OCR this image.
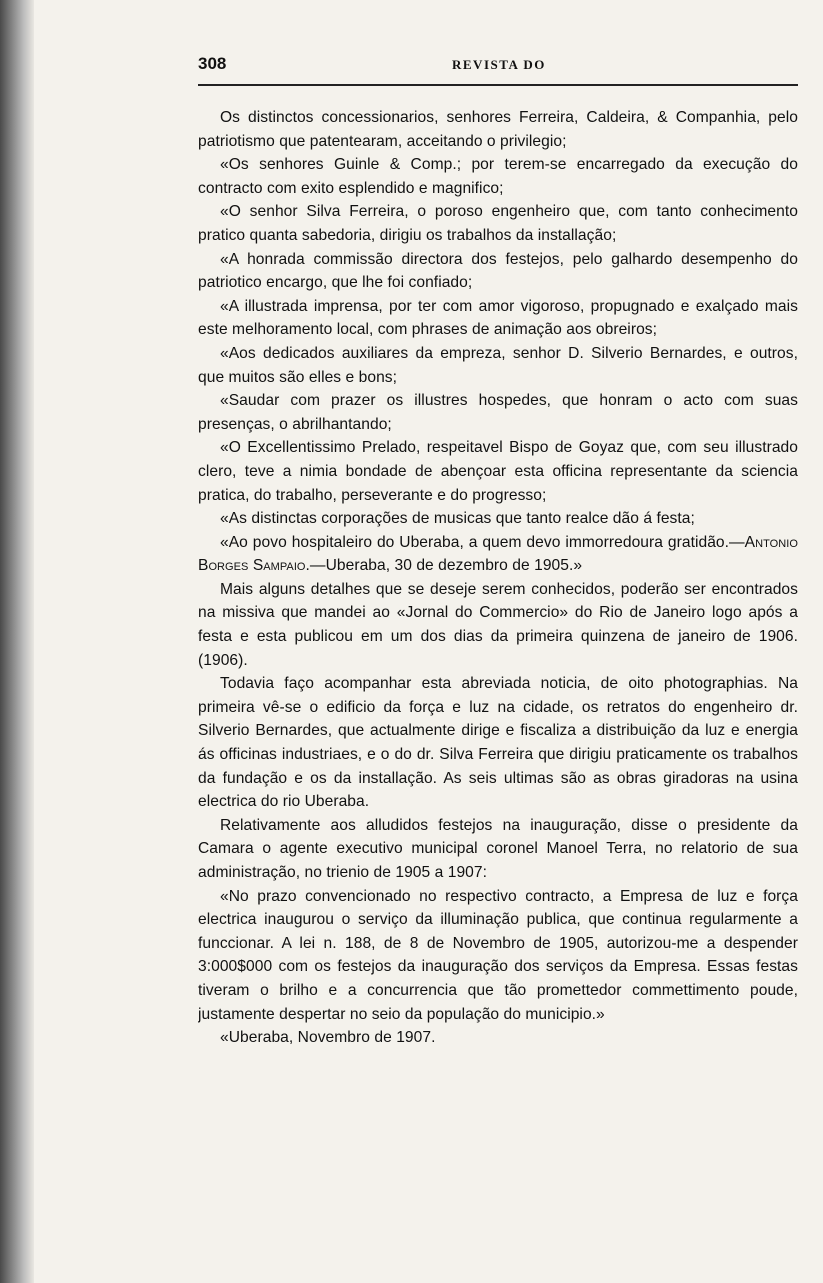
308	REVISTA DO

Os distinctos concessionarios, senhores Ferreira, Caldeira, & Companhia, pelo patriotismo que patentearam, acceitando o privilegio;

«Os senhores Guinle & Comp.; por terem-se encarregado da execução do contracto com exito esplendido e magnifico;

«O senhor Silva Ferreira, o poroso engenheiro que, com tanto conhecimento pratico quanta sabedoria, dirigiu os trabalhos da installação;

«A honrada commissão directora dos festejos, pelo galhardo desempenho do patriotico encargo, que lhe foi confiado;

«A illustrada imprensa, por ter com amor vigoroso, propugnado e exalçado mais este melhoramento local, com phrases de animação aos obreiros;

«Aos dedicados auxiliares da empreza, senhor D. Silverio Bernardes, e outros, que muitos são elles e bons;

«Saudar com prazer os illustres hospedes, que honram o acto com suas presenças, o abrilhantando;

«O Excellentissimo Prelado, respeitavel Bispo de Goyaz que, com seu illustrado clero, teve a nimia bondade de abençoar esta officina representante da sciencia pratica, do trabalho, perseverante e do progresso;

«As distinctas corporações de musicas que tanto realce dão á festa;

«Ao povo hospitaleiro do Uberaba, a quem devo immorredoura gratidão.—Antonio Borges Sampaio.—Uberaba, 30 de dezembro de 1905.»

Mais alguns detalhes que se deseje serem conhecidos, poderão ser encontrados na missiva que mandei ao «Jornal do Commercio» do Rio de Janeiro logo após a festa e esta publicou em um dos dias da primeira quinzena de janeiro de 1906. (1906).

Todavia faço acompanhar esta abreviada noticia, de oito photographias. Na primeira vê-se o edificio da força e luz na cidade, os retratos do engenheiro dr. Silverio Bernardes, que actualmente dirige e fiscaliza a distribuição da luz e energia ás officinas industriaes, e o do dr. Silva Ferreira que dirigiu praticamente os trabalhos da fundação e os da installação. As seis ultimas são as obras giradoras na usina electrica do rio Uberaba.

Relativamente aos alludidos festejos na inauguração, disse o presidente da Camara o agente executivo municipal coronel Manoel Terra, no relatorio de sua administração, no trienio de 1905 a 1907:

«No prazo convencionado no respectivo contracto, a Empresa de luz e força electrica inaugurou o serviço da illuminação publica, que continua regularmente a funccionar. A lei n. 188, de 8 de Novembro de 1905, autorizou-me a despender 3:000$000 com os festejos da inauguração dos serviços da Empresa. Essas festas tiveram o brilho e a concurrencia que tão promettedor commettimento poude, justamente despertar no seio da população do municipio.»

«Uberaba, Novembro de 1907.
